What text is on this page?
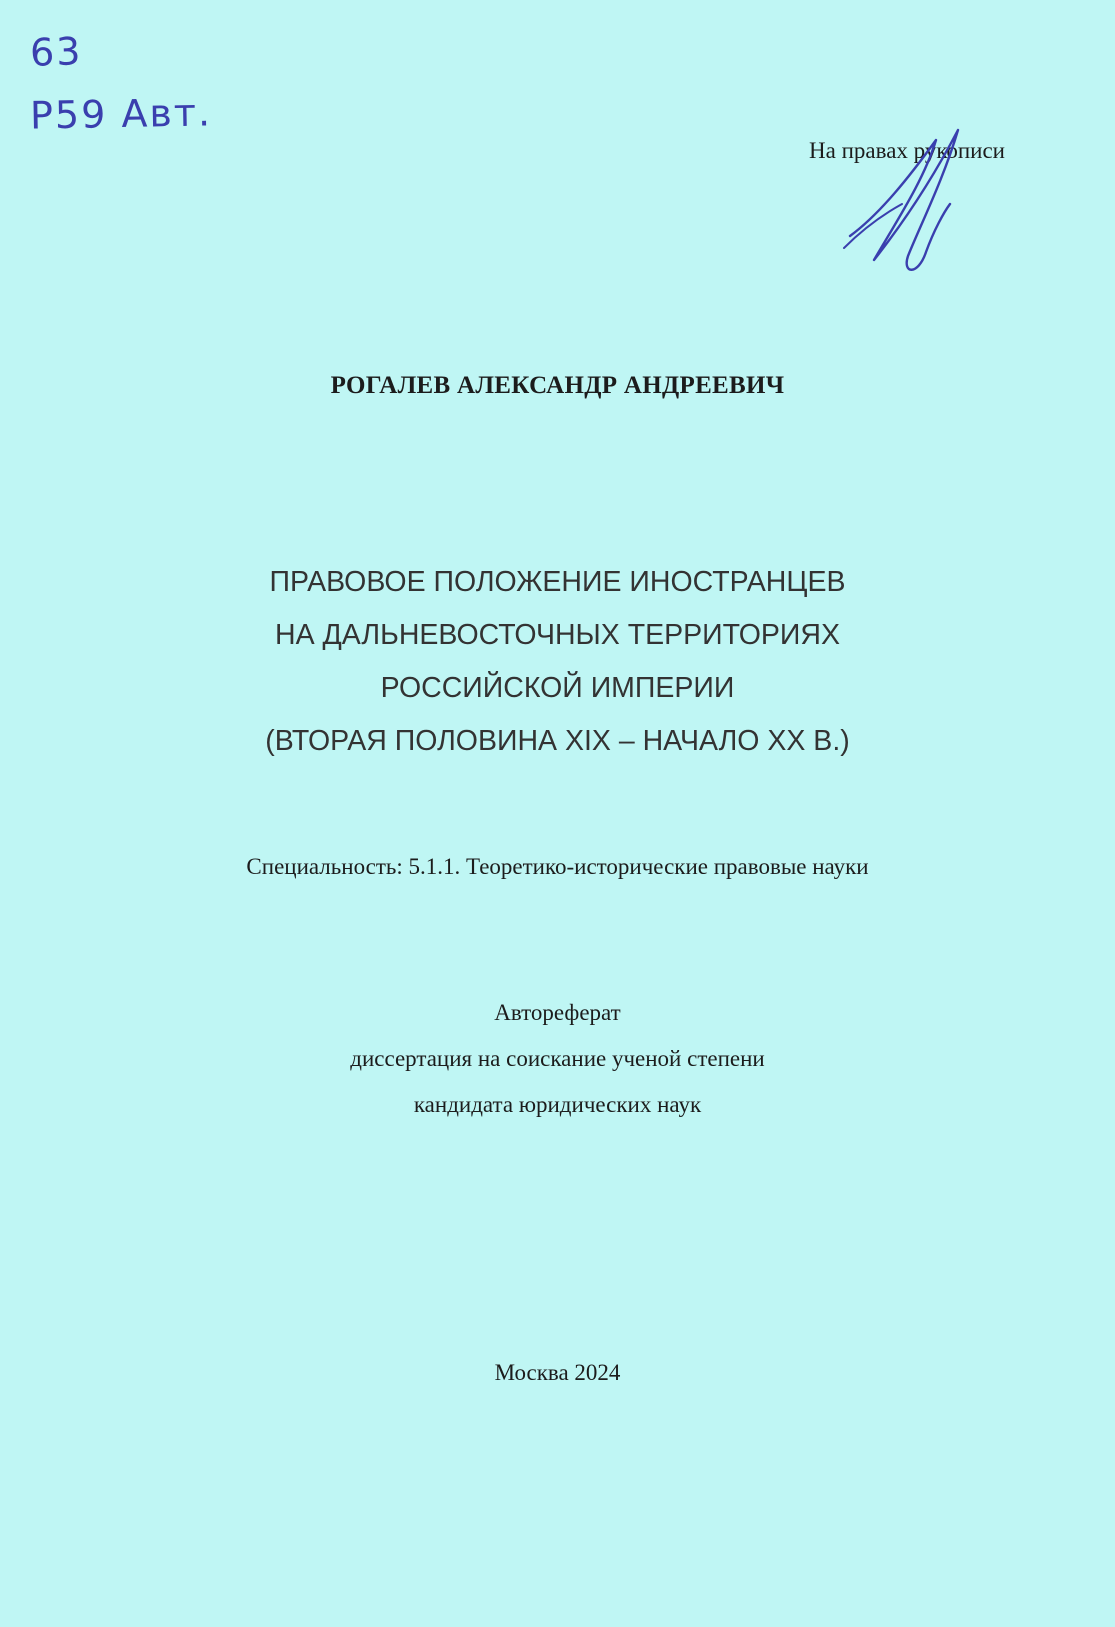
63
Р59 Авт.
На правах рукописи
РОГАЛЕВ АЛЕКСАНДР АНДРЕЕВИЧ
ПРАВОВОЕ ПОЛОЖЕНИЕ ИНОСТРАНЦЕВ
НА ДАЛЬНЕВОСТОЧНЫХ ТЕРРИТОРИЯХ
РОССИЙСКОЙ ИМПЕРИИ
(ВТОРАЯ ПОЛОВИНА XIX – НАЧАЛО XX В.)
Специальность: 5.1.1. Теоретико-исторические правовые науки
Автореферат
диссертация на соискание ученой степени
кандидата юридических наук
Москва 2024
